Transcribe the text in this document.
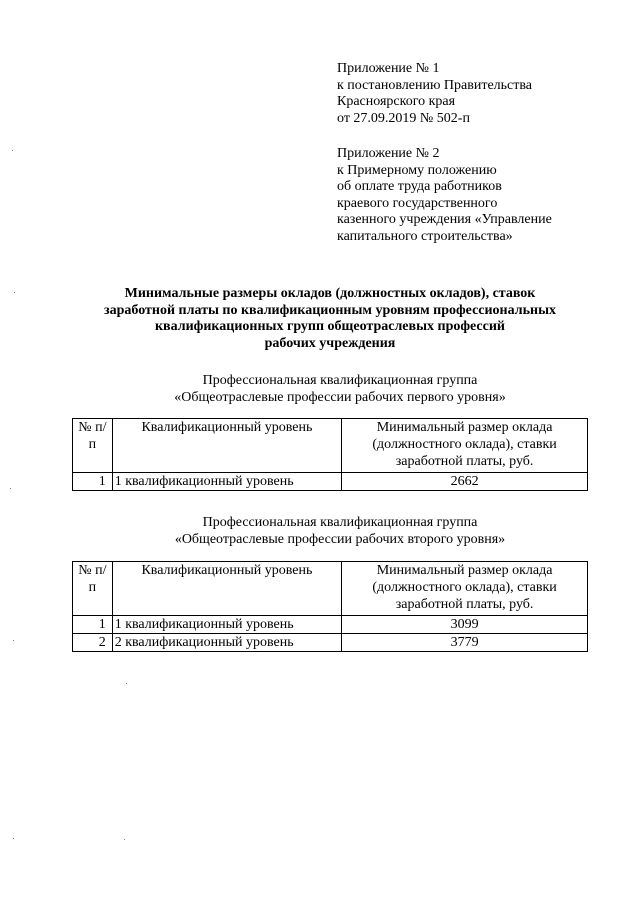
Приложение № 1
к постановлению Правительства
Красноярского края
от 27.09.2019 № 502-п
Приложение № 2
к Примерному положению
об оплате труда работников
краевого государственного
казенного учреждения «Управление
капитального строительства»
Минимальные размеры окладов (должностных окладов), ставок
заработной платы по квалификационным уровням профессиональных
квалификационных групп общеотраслевых профессий
рабочих учреждения
Профессиональная квалификационная группа
«Общеотраслевые профессии рабочих первого уровня»
№ п/п	Квалификационный уровень	Минимальный размер оклада (должностного оклада), ставки заработной платы, руб.
1	1 квалификационный уровень	2662
Профессиональная квалификационная группа
«Общеотраслевые профессии рабочих второго уровня»
№ п/п	Квалификационный уровень	Минимальный размер оклада (должностного оклада), ставки заработной платы, руб.
1	1 квалификационный уровень	3099
2	2 квалификационный уровень	3779
